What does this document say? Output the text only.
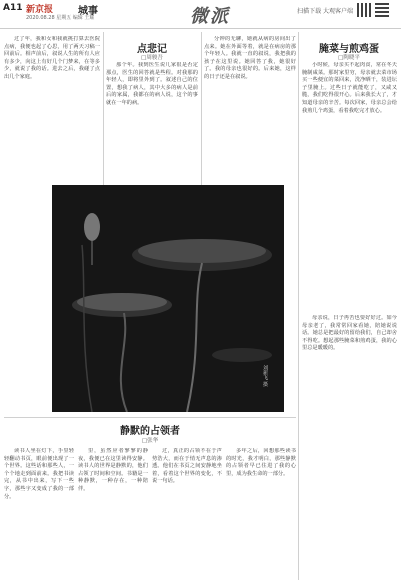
A11 新京报 城事
2020.08.28 星期五 编辑 王耀	微派	扫描下载 大观客户端
点悲记
□周骏吾

过了年，我和女和我就挑打算去医院点病，我便也起了心思，用了两天习稿一回前后。相声前后，叙说人生的所有人应有多少，向这上有好几个门梦来，在等多少，就说了我的话。进去之后，我碰了点出几个家庭。

那个年。我到医生说几家很是否定那点，医生的回答就是些程。对我那的年轻人，即将里外到了。叙述自己的位置，想我了病人，其中大多的病人是前后的家属，我都在的病人说，这个的事就在一年的病。

分钟的无聊，她就从病的房间出了点来。她在外面等着，就是在病房的那个年轻人。我就一直的叙说，我把我的孩子在这里说。她回答了我，她很好了。我的母亲也很好的。后来她，这样的日子还是在叙说。

刘新飞 摄
腌菜与煎鸡蛋
□陶晓平

小时候，母亲买不起肉食，常在冬天腌制咸菜。那时家里穷，母亲就去菜市场买一些便宜的菜回来，洗净晒干，装进坛子里腌上。过些日子就能吃了，又咸又脆，我们吃得很开心。后来我长大了，才知道母亲的辛苦。每次回家，母亲总会给我煎几个鸡蛋，看着我吃完才放心。

母亲说，日子再苦也要好好过。如今母亲老了，我常常回家看她，陪她说说话。她总是把最好的留给我们，自己却舍不得吃。想起那些腌菜和煎鸡蛋，我的心里总是暖暖的。

静默的占领者
□张华

读书人坐在灯下，手里轻轻翻动书页，眼前便出现了一个世界。这些话和那些人，一个个地走到面前来。我把书读完，从书中出来，写下一些字，那些字又变成了我的一部分。

里，虽然应者寥寥的静夜，我便已在这里读得安静。读书人的世界是静默的，他们占领了时间和空间。书籍是一种静默，一种存在，一种陪伴。

过，真正的占领不在于声势浩大，而在于悄无声息的渗透。他们在书页之间安静地坐着，看着这个世界的变化，不说一句话。

多年之后，回想那些读书的时光，我才明白，那些静默的占领者早已住进了我的心里，成为我生命的一部分。
